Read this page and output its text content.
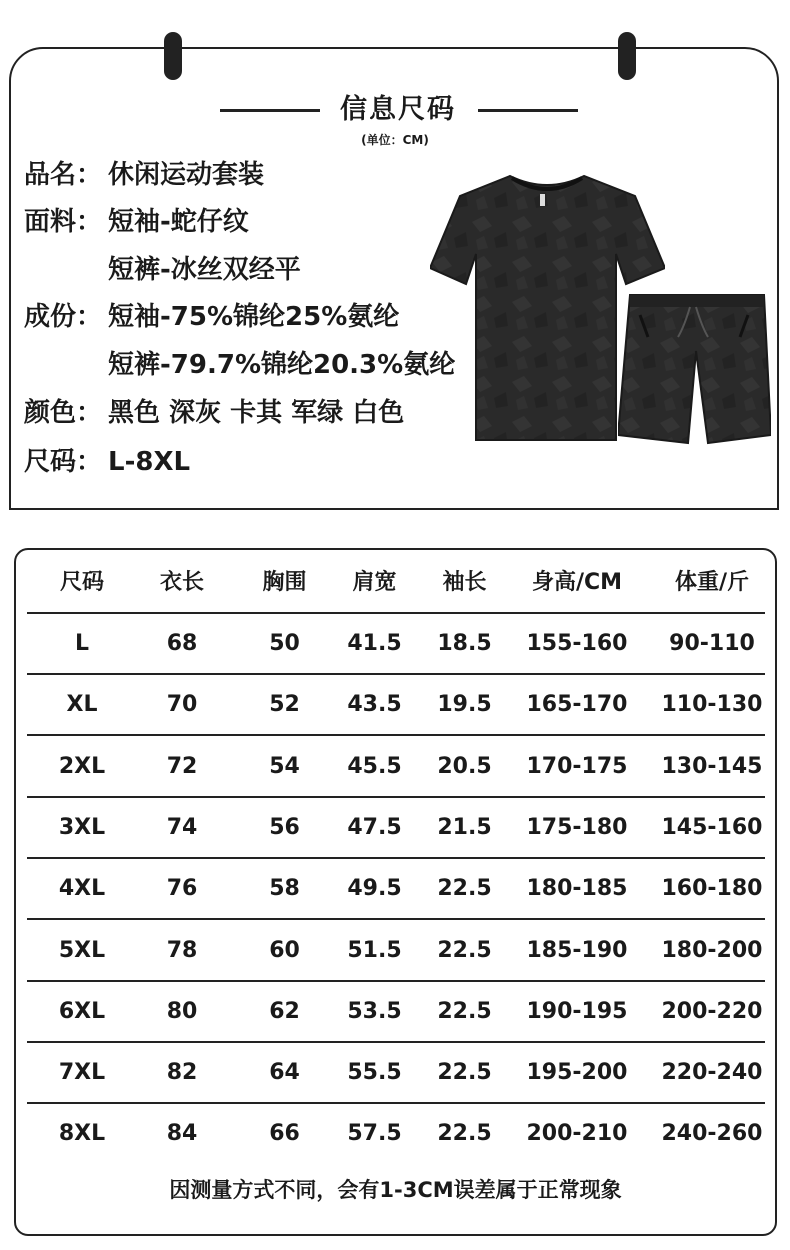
信息尺码
(单位：CM)
品名： 休闲运动套装
面料： 短袖-蛇仔纹
短裤-冰丝双经平
成份： 短袖-75%锦纶25%氨纶
短裤-79.7%锦纶20.3%氨纶
颜色： 黑色 深灰 卡其 军绿 白色
尺码： L-8XL
尺码	衣长	胸围	肩宽	袖长	身高/CM	体重/斤
L	68	50	41.5	18.5	155-160	90-110
XL	70	52	43.5	19.5	165-170	110-130
2XL	72	54	45.5	20.5	170-175	130-145
3XL	74	56	47.5	21.5	175-180	145-160
4XL	76	58	49.5	22.5	180-185	160-180
5XL	78	60	51.5	22.5	185-190	180-200
6XL	80	62	53.5	22.5	190-195	200-220
7XL	82	64	55.5	22.5	195-200	220-240
8XL	84	66	57.5	22.5	200-210	240-260
因测量方式不同，会有1-3CM误差属于正常现象
